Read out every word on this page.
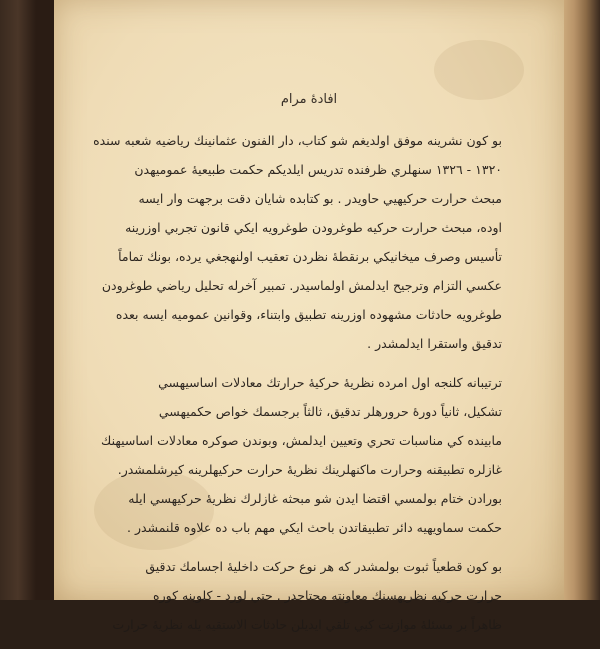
افادهٔ مرام

بو كون نشرينه موفق اولديغم شو كتاب، دار الفنون عثمانينك رياضيه شعبه سنده
١٣٢٠ - ١٣٢٦ سنهلري ظرفنده تدريس ايلديكم حكمت طبيعيهٔ عموميهدن
مبحث حرارت حركيهيي حاويدر . بو كتابده شايان دقت برجهت وار ايسه
اوده، مبحث حرارت حركيه طوغرودن طوغرويه ايكي قانون تجربي اوزرينه
تأسيس وصرف ميخانيكي برنقطهٔ نظردن تعقيب اولنهجغي يرده، بونك تماماً
عكسي التزام وترجيح ايدلمش اولماسيدر. تمبير آخرله تحليل رياضي طوغرودن
طوغرويه حادثات مشهوده اوزرينه تطبيق وابتناء، وقوانين عموميه ايسه بعده
تدقيق واستقرا ايدلمشدر .

ترتيبانه كلنجه اول امرده نظريهٔ حركيهٔ حرارتك معادلات اساسيهسي
تشكيل، ثانياً دورهٔ حرورهلر تدقيق، ثالثاً برجسمك خواص حكميهسي
مابينده كي مناسبات تحري وتعيين ايدلمش، وبوندن صوكره معادلات اساسيهنك
غازلره تطبيقنه وحرارت ماكنهلرينك نظريهٔ حرارت حركيهلرينه كيرشلمشدر.
بورادن ختام بولمسي اقتضا ايدن شو مبحثه غازلرك نظريهٔ حركيهسي ايله
حكمت سماويهيه دائر تطبيقاتدن باحث ايكي مهم باب ده علاوه قلنمشدر .

بو كون قطعياً ثبوت بولمشدر كه هر نوع حركت داخليهٔ اجسامك تدقيق
حرارت حركيه نظريهسنك معاونته محتاجدر . حتي لورد - كلوينه كوره
ظاهراً بر مسئلهٔ موازنت كبي تلقي ايديلن حادثات الاستقيه يله نظريهٔ حرارت
